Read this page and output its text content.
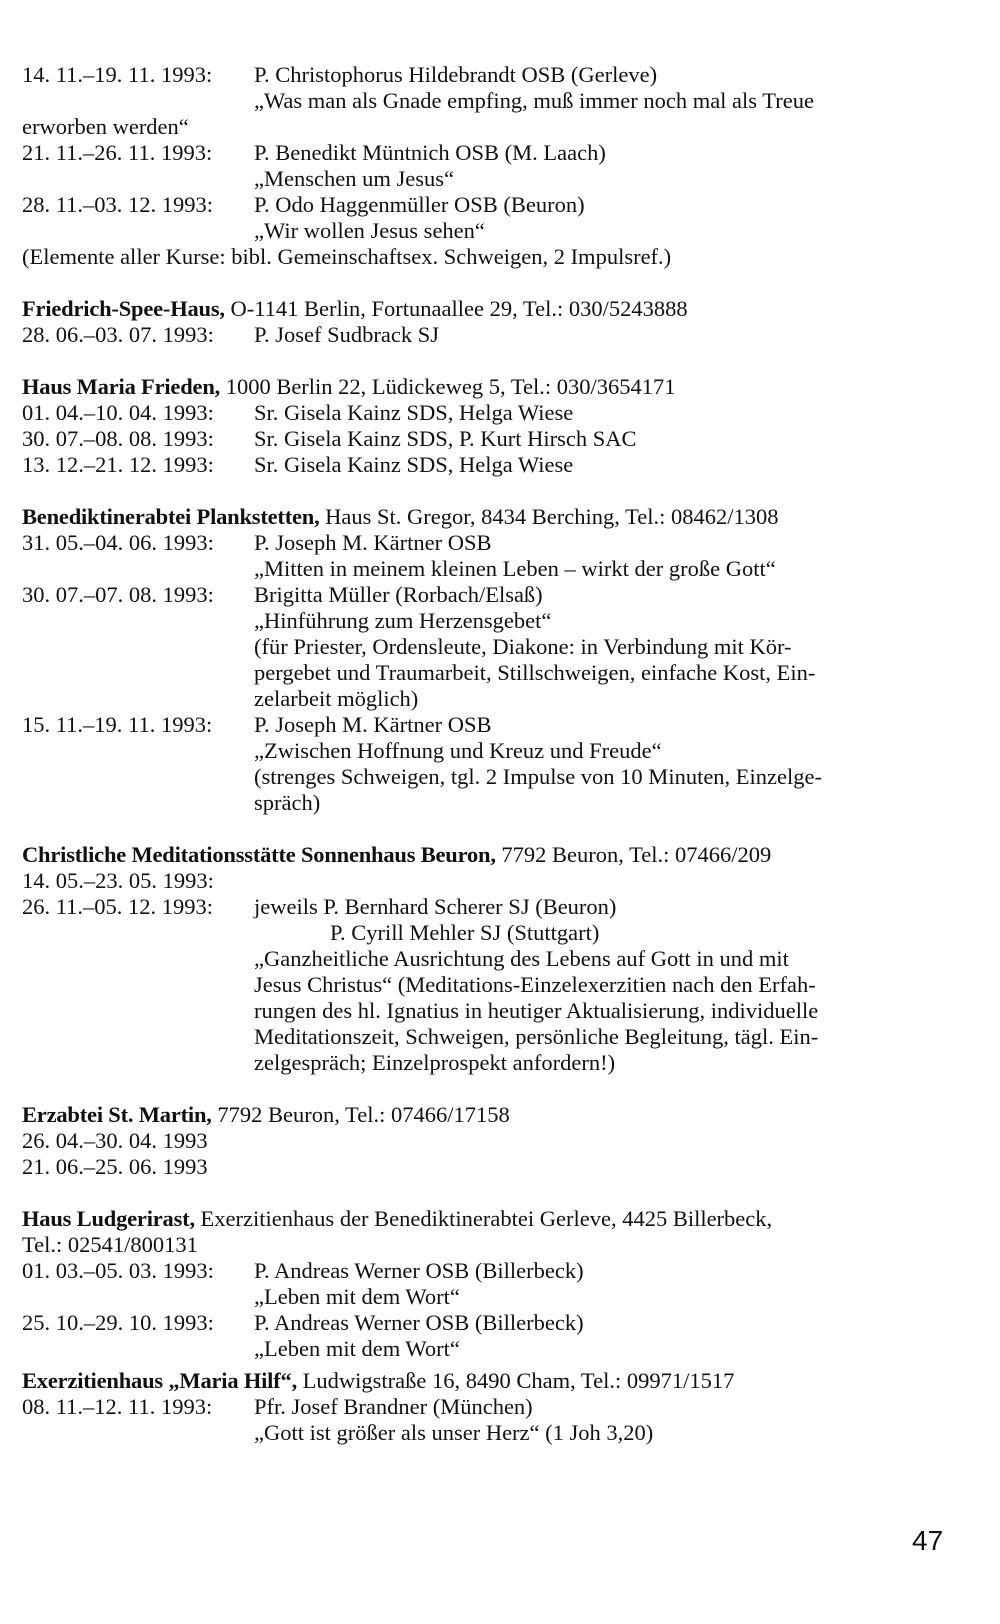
14. 11.–19. 11. 1993:	P. Christophorus Hildebrandt OSB (Gerleve)
„Was man als Gnade empfing, muß immer noch mal als Treue
erworben werden“
21. 11.–26. 11. 1993:	P. Benedikt Müntnich OSB (M. Laach)
„Menschen um Jesus“
28. 11.–03. 12. 1993:	P. Odo Haggenmüller OSB (Beuron)
„Wir wollen Jesus sehen“
(Elemente aller Kurse: bibl. Gemeinschaftsex. Schweigen, 2 Impulsref.)
Friedrich-Spee-Haus, O-1141 Berlin, Fortunaallee 29, Tel.: 030/5243888
28. 06.–03. 07. 1993:	P. Josef Sudbrack SJ
Haus Maria Frieden, 1000 Berlin 22, Lüdickeweg 5, Tel.: 030/3654171
01. 04.–10. 04. 1993:	Sr. Gisela Kainz SDS, Helga Wiese
30. 07.–08. 08. 1993:	Sr. Gisela Kainz SDS, P. Kurt Hirsch SAC
13. 12.–21. 12. 1993:	Sr. Gisela Kainz SDS, Helga Wiese
Benediktinerabtei Plankstetten, Haus St. Gregor, 8434 Berching, Tel.: 08462/1308
31. 05.–04. 06. 1993:	P. Joseph M. Kärtner OSB
„Mitten in meinem kleinen Leben – wirkt der große Gott“
30. 07.–07. 08. 1993:	Brigitta Müller (Rorbach/Elsaß)
„Hinführung zum Herzensgebet“
(für Priester, Ordensleute, Diakone: in Verbindung mit Kör-
pergebet und Traumarbeit, Stillschweigen, einfache Kost, Ein-
zelarbeit möglich)
15. 11.–19. 11. 1993:	P. Joseph M. Kärtner OSB
„Zwischen Hoffnung und Kreuz und Freude“
(strenges Schweigen, tgl. 2 Impulse von 10 Minuten, Einzelge-
spräch)
Christliche Meditationsstätte Sonnenhaus Beuron, 7792 Beuron, Tel.: 07466/209
14. 05.–23. 05. 1993:
26. 11.–05. 12. 1993:	jeweils P. Bernhard Scherer SJ (Beuron)
P. Cyrill Mehler SJ (Stuttgart)
„Ganzheitliche Ausrichtung des Lebens auf Gott in und mit
Jesus Christus“ (Meditations-Einzelexerzitien nach den Erfah-
rungen des hl. Ignatius in heutiger Aktualisierung, individuelle
Meditationszeit, Schweigen, persönliche Begleitung, tägl. Ein-
zelgespräch; Einzelprospekt anfordern!)
Erzabtei St. Martin, 7792 Beuron, Tel.: 07466/17158
26. 04.–30. 04. 1993
21. 06.–25. 06. 1993
Haus Ludgerirast, Exerzitienhaus der Benediktinerabtei Gerleve, 4425 Billerbeck,
Tel.: 02541/800131
01. 03.–05. 03. 1993:	P. Andreas Werner OSB (Billerbeck)
„Leben mit dem Wort“
25. 10.–29. 10. 1993:	P. Andreas Werner OSB (Billerbeck)
„Leben mit dem Wort“
Exerzitienhaus „Maria Hilf“, Ludwigstraße 16, 8490 Cham, Tel.: 09971/1517
08. 11.–12. 11. 1993:	Pfr. Josef Brandner (München)
„Gott ist größer als unser Herz“ (1 Joh 3,20)
47
